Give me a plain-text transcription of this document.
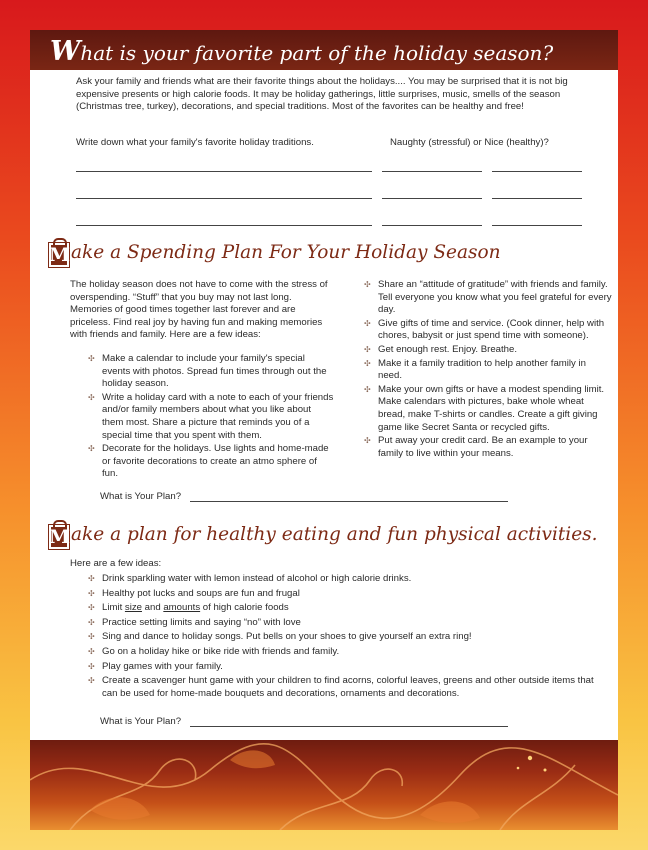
What is your favorite part of the holiday season?

Ask your family and friends what are their favorite things about the holidays.... You may be surprised that it is not big expensive presents or high calorie foods. It may be holiday gatherings, little surprises, music, smells of the season (Christmas tree, turkey), decorations, and special traditions. Most of the favorites can be healthy and free!

Write down what your family's favorite holiday traditions.	Naughty (stressful) or Nice (healthy)?

Make a Spending Plan For Your Holiday Season

The holiday season does not have to come with the stress of overspending. “Stuff” that you buy may not last long. Memories of good times together last forever and are priceless. Find real joy by having fun and making memories with friends and family. Here are a few ideas:

✣ Make a calendar to include your family's special events with photos. Spread fun times through out the holiday season.
✣ Write a holiday card with a note to each of your friends and/or family members about what you like about them most. Share a picture that reminds you of a special time that you spent with them.
✣ Decorate for the holidays. Use lights and home-made or favorite decorations to create an atmo sphere of fun.
✣ Share an “attitude of gratitude” with friends and family. Tell everyone you know what you feel grateful for every day.
✣ Give gifts of time and service. (Cook dinner, help with chores, babysit or just spend time with someone).
✣ Get enough rest. Enjoy. Breathe.
✣ Make it a family tradition to help another family in need.
✣ Make your own gifts or have a modest spending limit. Make calendars with pictures, bake whole wheat bread, make T-shirts or candles. Create a gift giving game like Secret Santa or recycled gifts.
✣ Put away your credit card. Be an example to your family to live within your means.

What is Your Plan?

Make a plan for healthy eating and fun physical activities.

Here are a few ideas:

✣ Drink sparkling water with lemon instead of alcohol or high calorie drinks.
✣ Healthy pot lucks and soups are fun and frugal
✣ Limit size and amounts of high calorie foods
✣ Practice setting limits and saying “no” with love
✣ Sing and dance to holiday songs. Put bells on your shoes to give yourself an extra ring!
✣ Go on a holiday hike or bike ride with friends and family.
✣ Play games with your family.
✣ Create a scavenger hunt game with your children to find acorns, colorful leaves, greens and other outside items that can be used for home-made bouquets and decorations, ornaments and decorations.

What is Your Plan?
